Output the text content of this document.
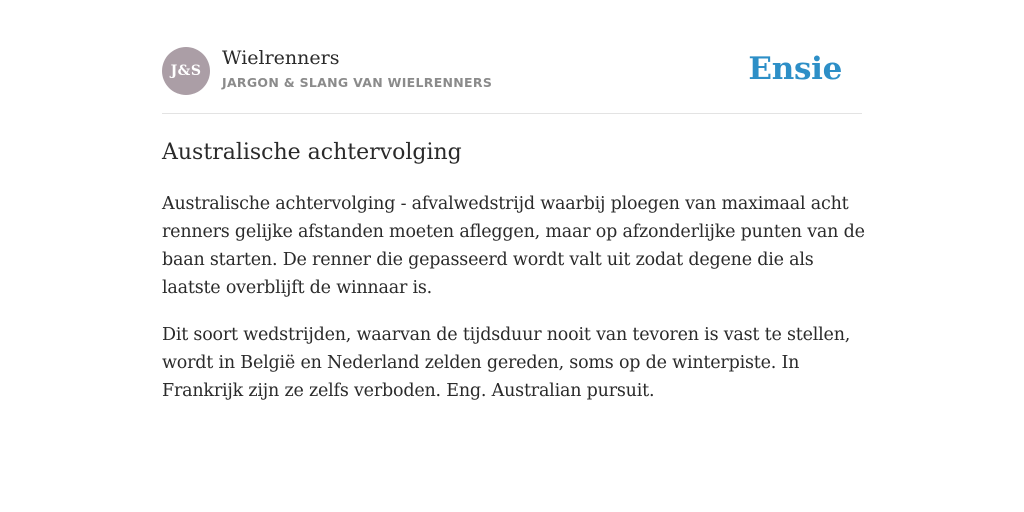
J&S
Wielrenners
JARGON & SLANG VAN WIELRENNERS	Ensie
Australische achtervolging

Australische achtervolging - afvalwedstrijd waarbij ploegen van maximaal acht renners gelijke afstanden moeten afleggen, maar op afzonderlijke punten van de baan starten. De renner die gepasseerd wordt valt uit zodat degene die als laatste overblijft de winnaar is.

Dit soort wedstrijden, waarvan de tijdsduur nooit van tevoren is vast te stellen, wordt in België en Nederland zelden gereden, soms op de winterpiste. In Frankrijk zijn ze zelfs verboden. Eng. Australian pursuit.
